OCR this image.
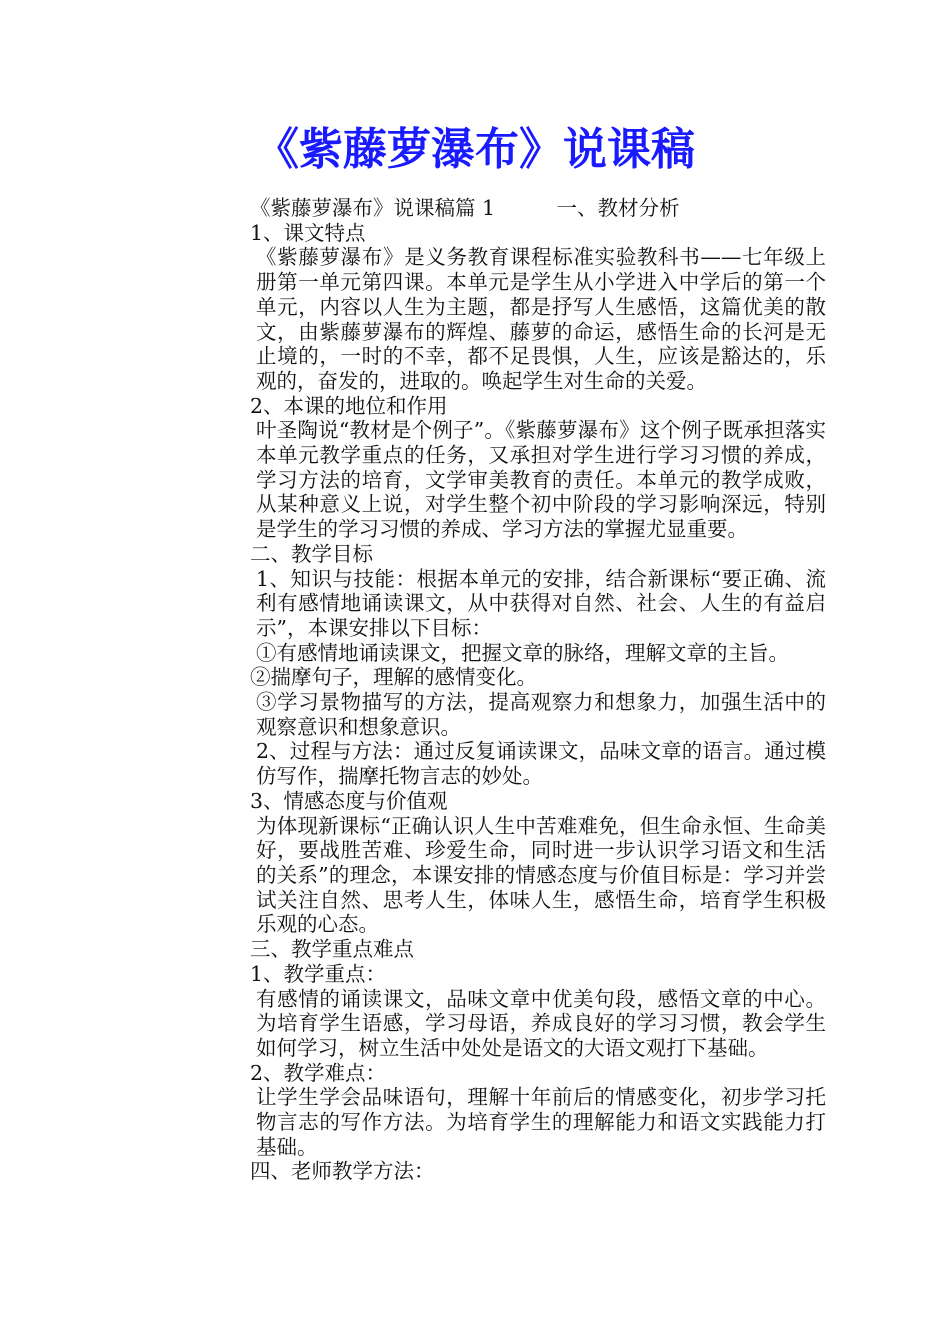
《紫藤萝瀑布》说课稿

《紫藤萝瀑布》说课稿篇 1　　　一、教材分析

1、课文特点

《紫藤萝瀑布》是义务教育课程标准实验教科书——七年级上册第一单元第四课。本单元是学生从小学进入中学后的第一个单元，内容以人生为主题，都是抒写人生感悟，这篇优美的散文，由紫藤萝瀑布的辉煌、藤萝的命运，感悟生命的长河是无止境的，一时的不幸，都不足畏惧，人生，应该是豁达的，乐观的，奋发的，进取的。唤起学生对生命的关爱。

2、本课的地位和作用

叶圣陶说“教材是个例子”。《紫藤萝瀑布》这个例子既承担落实本单元教学重点的任务，又承担对学生进行学习习惯的养成，学习方法的培育，文学审美教育的责任。本单元的教学成败，从某种意义上说，对学生整个初中阶段的学习影响深远，特别是学生的学习习惯的养成、学习方法的掌握尤显重要。

二、教学目标

1、知识与技能：根据本单元的安排，结合新课标“要正确、流利有感情地诵读课文，从中获得对自然、社会、人生的有益启示”，本课安排以下目标：

①有感情地诵读课文，把握文章的脉络，理解文章的主旨。

②揣摩句子，理解的感情变化。

③学习景物描写的方法，提高观察力和想象力，加强生活中的观察意识和想象意识。

2、过程与方法：通过反复诵读课文，品味文章的语言。通过模仿写作，揣摩托物言志的妙处。

3、情感态度与价值观

为体现新课标“正确认识人生中苦难难免，但生命永恒、生命美好，要战胜苦难、珍爱生命，同时进一步认识学习语文和生活的关系”的理念，本课安排的情感态度与价值目标是：学习并尝试关注自然、思考人生，体味人生，感悟生命，培育学生积极乐观的心态。

三、教学重点难点

1、教学重点：

有感情的诵读课文，品味文章中优美句段，感悟文章的中心。为培育学生语感，学习母语，养成良好的学习习惯，教会学生如何学习，树立生活中处处是语文的大语文观打下基础。

2、教学难点：

让学生学会品味语句，理解十年前后的情感变化，初步学习托物言志的写作方法。为培育学生的理解能力和语文实践能力打基础。

四、老师教学方法：
